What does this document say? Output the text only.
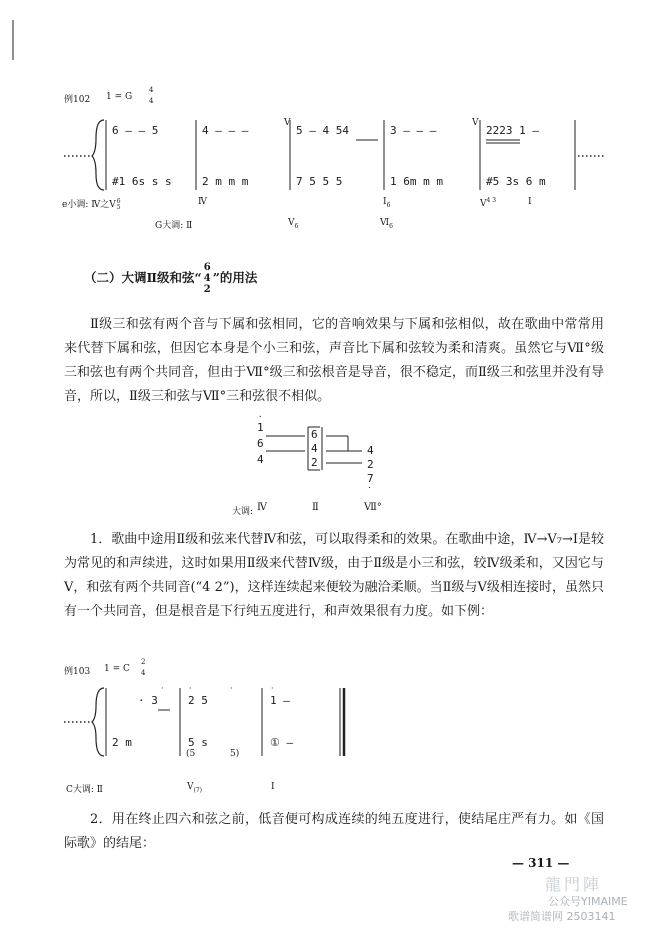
例102 1 = G
4
4
6 — — 5	4 — — —
V
5 — 4 54	3 — — —
V
2223 1 —
#1 6s s s	2 m m m	7 5 5 5	1 6m m m	#5 3s 6 m
e小调: Ⅳ之V 6
5	Ⅳ	$I_6$	$V^{4 3}$	I
G大调: Ⅱ	$V_6$	$Ⅵ_6$
（二）大调Ⅱ级和弦“
6
4
2
”的用法

Ⅱ级三和弦有两个音与下属和弦相同，它的音响效果与下属和弦相似，故在歌曲中常常用来代替下属和弦，但因它本身是个小三和弦，声音比下属和弦较为柔和清爽。虽然它与Ⅶ°级三和弦也有两个共同音，但由于Ⅶ°级三和弦根音是导音，很不稳定，而Ⅱ级三和弦里并没有导音，所以，Ⅱ级三和弦与Ⅶ°三和弦很不相似。

·
1
6
4
6
4
2
4
2
7
·
大调: Ⅳ	Ⅱ	Ⅶ°

1．歌曲中途用Ⅱ级和弦来代替Ⅳ和弦，可以取得柔和的效果。在歌曲中途，Ⅳ→V₇→I是较为常见的和声续进，这时如果用Ⅱ级来代替Ⅳ级，由于Ⅱ级是小三和弦，较Ⅳ级柔和，又因它与V，和弦有两个共同音(“4 2”)，这样连续起来便较为融洽柔顺。当Ⅱ级与V级相连接时，虽然只有一个共同音，但是根音是下行纯五度进行，和声效果很有力度。如下例：

例103 1 = C
2
4
· 3	2 5	1 —
·	·	·	·
2 m	5 s	① —
(5	5)
C大调: Ⅱ	$V_{(7)}$	I

2．用在终止四六和弦之前，低音便可构成连续的纯五度进行，使结尾庄严有力。如《国际歌》的结尾：

— 311 —
龍門陣
公众号YIMAIME
歌谱简谱网 2503141
